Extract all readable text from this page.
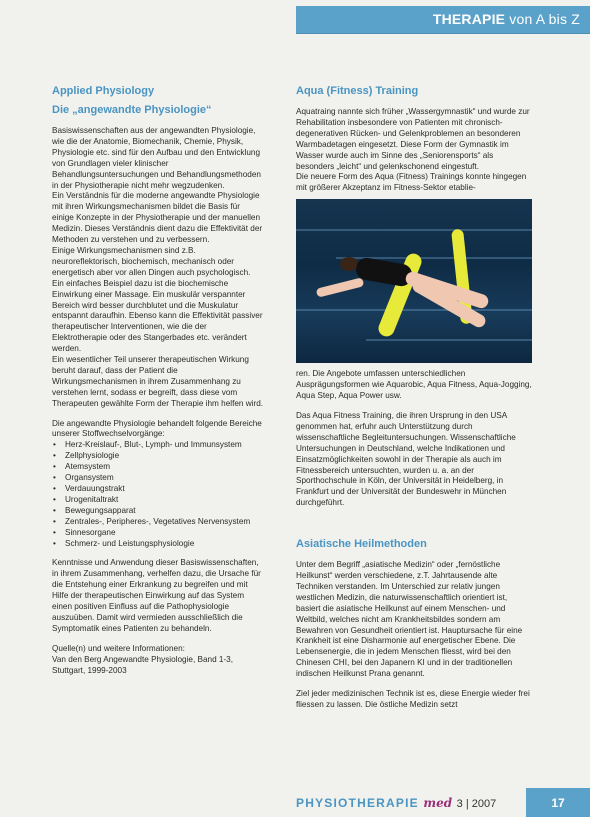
THERAPIE von A bis Z
Applied Physiology
Die „angewandte Physiologie“

Basiswissenschaften aus der angewandten Physiologie, wie die der Anatomie, Biomechanik, Chemie, Physik, Physiologie etc. sind für den Aufbau und den Entwicklung von Grundlagen vieler klinischer Behandlungsuntersuchungen und Behandlungsmethoden in der Physiotherapie nicht mehr wegzudenken.

Ein Verständnis für die moderne angewandte Physiologie mit ihren Wirkungsmechanismen bildet die Basis für einige Konzepte in der Physiotherapie und der manuellen Medizin. Dieses Verständnis dient dazu die Effektivität der Methoden zu verstehen und zu verbessern.

Einige Wirkungsmechanismen sind z.B. neuroreflektorisch, biochemisch, mechanisch oder energetisch aber vor allen Dingen auch psychologisch. Ein einfaches Beispiel dazu ist die biochemische Einwirkung einer Massage. Ein muskulär verspannter Bereich wird besser durchblutet und die Muskulatur entspannt daraufhin. Ebenso kann die Effektivität passiver therapeutischer Interventionen, wie die der Elektrotherapie oder des Stangerbades etc. verändert werden.

Ein wesentlicher Teil unserer therapeutischen Wirkung beruht darauf, dass der Patient die Wirkungsmechanismen in ihrem Zusammenhang zu verstehen lernt, sodass er begreift, dass diese vom Therapeuten gewählte Form der Therapie ihm helfen wird.

Die angewandte Physiologie behandelt folgende Bereiche unserer Stoffwechselvorgänge:

• Herz-Kreislauf-, Blut-, Lymph- und Immunsystem
• Zellphysiologie
• Atemsystem
• Organsystem
• Verdauungstrakt
• Urogenitaltrakt
• Bewegungsapparat
• Zentrales-, Peripheres-, Vegetatives Nervensystem
• Sinnesorgane
• Schmerz- und Leistungsphysiologie

Kenntnisse und Anwendung dieser Basiswissenschaften, in ihrem Zusammenhang, verhelfen dazu, die Ursache für die Entstehung einer Erkrankung zu begreifen und mit Hilfe der therapeutischen Einwirkung auf das System einen positiven Einfluss auf die Pathophysiologie auszuüben. Damit wird vermieden ausschließlich die Symptomatik eines Patienten zu behandeln.

Quelle(n) und weitere Informationen:

Van den Berg Angewandte Physiologie, Band 1-3, Stuttgart, 1999-2003

Aqua (Fitness) Training

Aquatraing nannte sich früher „Wassergymnastik“ und wurde zur Rehabilitation insbesondere von Patienten mit chronisch-degenerativen Rücken- und Gelenkproblemen an besonderen Warmbadetagen eingesetzt. Diese Form der Gymnastik im Wasser wurde auch im Sinne des „Seniorensports“ als besonders „leicht“ und gelenkschonend eingestuft.

Die neuere Form des Aqua (Fitness) Trainings konnte hingegen mit größerer Akzeptanz im Fitness-Sektor etablie-

ren. Die Angebote umfassen unterschiedlichen Ausprägungsformen wie Aquarobic, Aqua Fitness, Aqua-Jogging, Aqua Step, Aqua Power usw.

Das Aqua Fitness Training, die ihren Ursprung in den USA genommen hat, erfuhr auch Unterstützung durch wissenschaftliche Begleituntersuchungen. Wissenschaftliche Untersuchungen in Deutschland, welche Indikationen und Einsatzmöglichkeiten sowohl in der Therapie als auch im Fitnessbereich untersuchten, wurden u. a. an der Sporthochschule in Köln, der Universität in Heidelberg, in Frankfurt und der Universität der Bundeswehr in München durchgeführt.

Asiatische Heilmethoden

Unter dem Begriff „asiatische Medizin“ oder „fernöstliche Heilkunst“ werden verschiedene, z.T. Jahrtausende alte Techniken verstanden. Im Unterschied zur relativ jungen westlichen Medizin, die naturwissenschaftlich orientiert ist, basiert die asiatische Heilkunst auf einem Menschen- und Weltbild, welches nicht am Krankheitsbildes sondern am Bewahren von Gesundheit orientiert ist. Hauptursache für eine Krankheit ist eine Disharmonie auf energetischer Ebene. Die Lebensenergie, die in jedem Menschen fliesst, wird bei den Chinesen CHI, bei den Japanern KI und in der traditionellen indischen Heilkunst Prana genannt.

Ziel jeder medizinischen Technik ist es, diese Energie wieder frei fliessen zu lassen. Die östliche Medizin setzt

PHYSIOTHERAPIE med 3 | 2007	17
